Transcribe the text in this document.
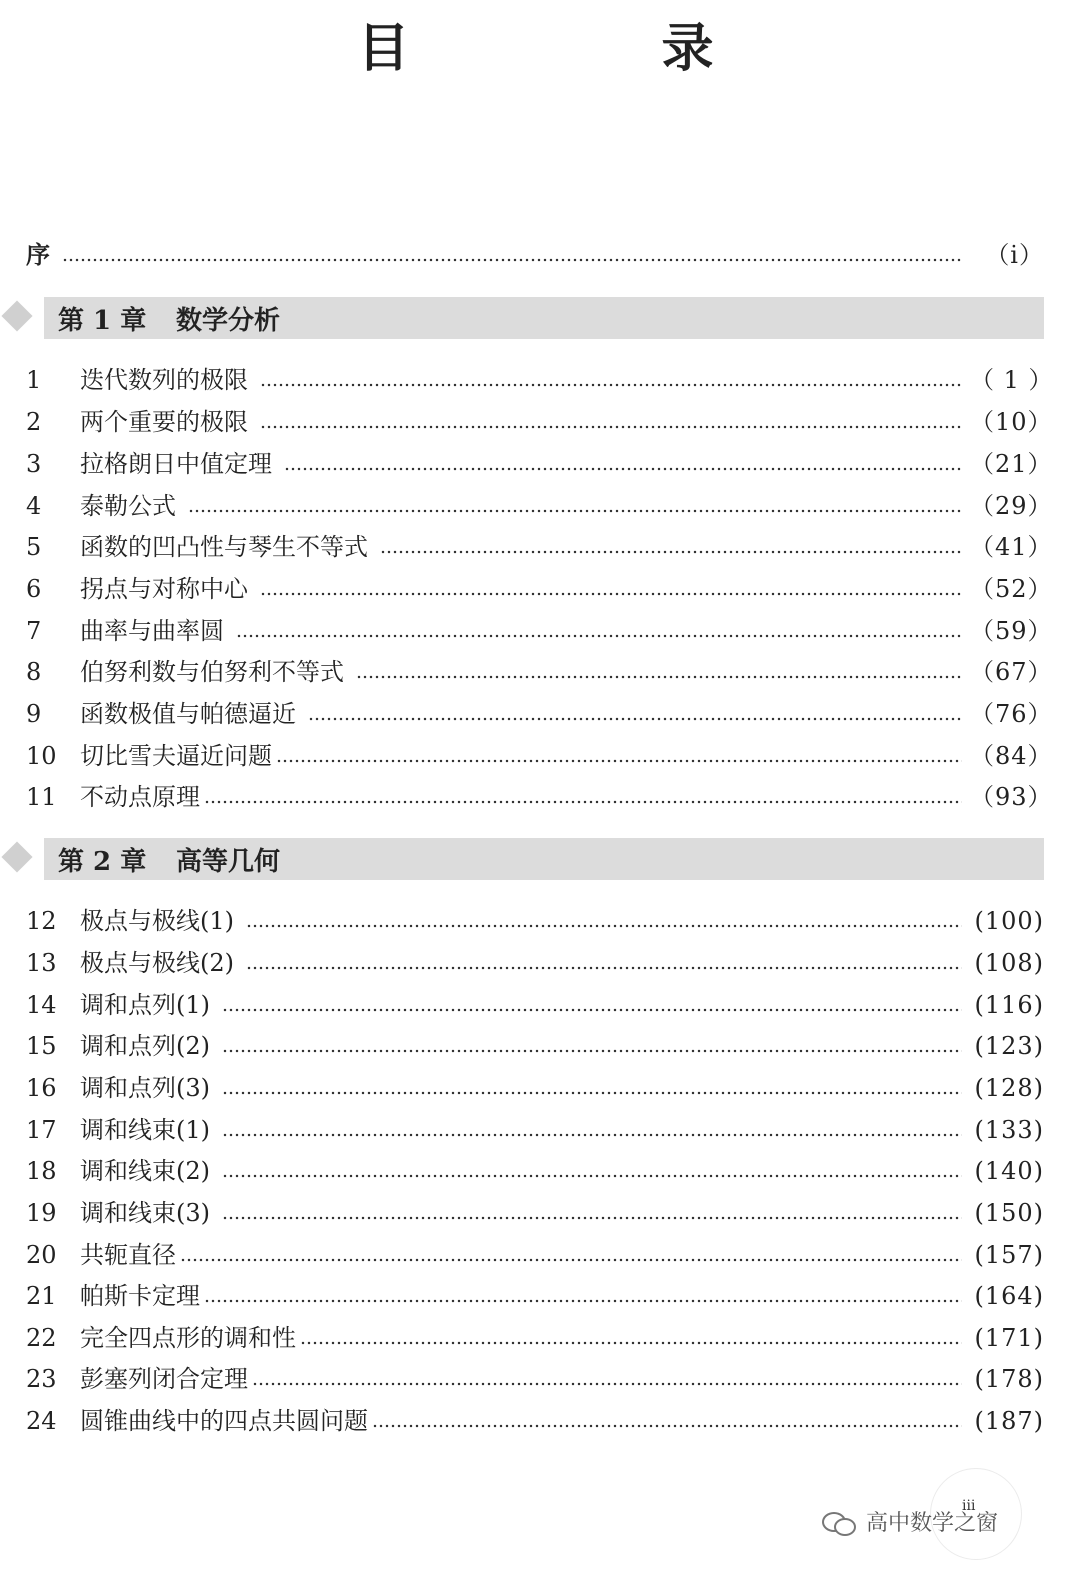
目　录
序	（ⅰ）
第 1 章	数学分析
1	迭代数列的极限	（ 1 ）
2	两个重要的极限	（10）
3	拉格朗日中值定理	（21）
4	泰勒公式	（29）
5	函数的凹凸性与琴生不等式	（41）
6	拐点与对称中心	（52）
7	曲率与曲率圆	（59）
8	伯努利数与伯努利不等式	（67）
9	函数极值与帕德逼近	（76）
10 切比雪夫逼近问题	（84）
11 不动点原理	（93）
第 2 章	高等几何
12 极点与极线(1)	(100)
13 极点与极线(2)	(108)
14 调和点列(1)	(116)
15 调和点列(2)	(123)
16 调和点列(3)	(128)
17 调和线束(1)	(133)
18 调和线束(2)	(140)
19 调和线束(3)	(150)
20 共轭直径	(157)
21 帕斯卡定理	(164)
22 完全四点形的调和性	(171)
23 彭塞列闭合定理	(178)
24 圆锥曲线中的四点共圆问题	(187)
ⅲ
高中数学之窗
